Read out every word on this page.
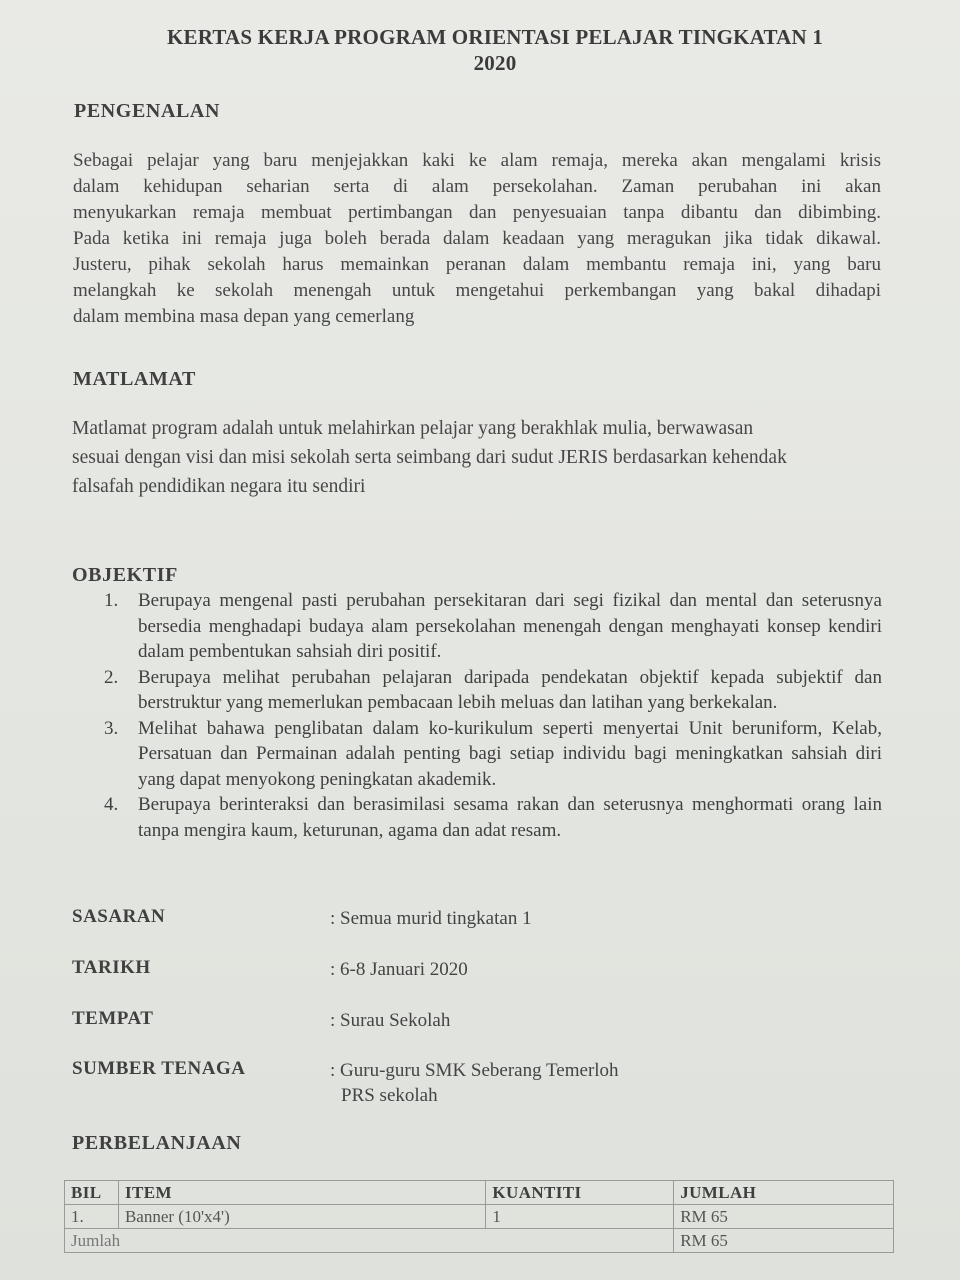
KERTAS KERJA PROGRAM ORIENTASI PELAJAR TINGKATAN 1
2020
PENGENALAN
Sebagai pelajar yang baru menjejakkan kaki ke alam remaja, mereka akan mengalami krisis
dalam kehidupan seharian serta di alam persekolahan. Zaman perubahan ini akan
menyukarkan remaja membuat pertimbangan dan penyesuaian tanpa dibantu dan dibimbing.
Pada ketika ini remaja juga boleh berada dalam keadaan yang meragukan jika tidak dikawal.
Justeru, pihak sekolah harus memainkan peranan dalam membantu remaja ini, yang baru
melangkah ke sekolah menengah untuk mengetahui perkembangan yang bakal dihadapi
dalam membina masa depan yang cemerlang
MATLAMAT
Matlamat program adalah untuk melahirkan pelajar yang berakhlak mulia, berwawasan
sesuai dengan visi dan misi sekolah serta seimbang dari sudut JERIS berdasarkan kehendak
falsafah pendidikan negara itu sendiri
OBJEKTIF
1. Berupaya mengenal pasti perubahan persekitaran dari segi fizikal dan mental dan seterusnya bersedia menghadapi budaya alam persekolahan menengah dengan menghayati konsep kendiri dalam pembentukan sahsiah diri positif.
2. Berupaya melihat perubahan pelajaran daripada pendekatan objektif kepada subjektif dan berstruktur yang memerlukan pembacaan lebih meluas dan latihan yang berkekalan.
3. Melihat bahawa penglibatan dalam ko-kurikulum seperti menyertai Unit beruniform, Kelab, Persatuan dan Permainan adalah penting bagi setiap individu bagi meningkatkan sahsiah diri yang dapat menyokong peningkatan akademik.
4. Berupaya berinteraksi dan berasimilasi sesama rakan dan seterusnya menghormati orang lain tanpa mengira kaum, keturunan, agama dan adat resam.
SASARAN	: Semua murid tingkatan 1
TARIKH	: 6-8 Januari 2020
TEMPAT	: Surau Sekolah
SUMBER TENAGA	: Guru-guru SMK Seberang Temerloh
PRS sekolah
PERBELANJAAN
BIL	ITEM	KUANTITI	JUMLAH
1.	Banner (10'x4')	1	RM 65
Jumlah			RM 65
